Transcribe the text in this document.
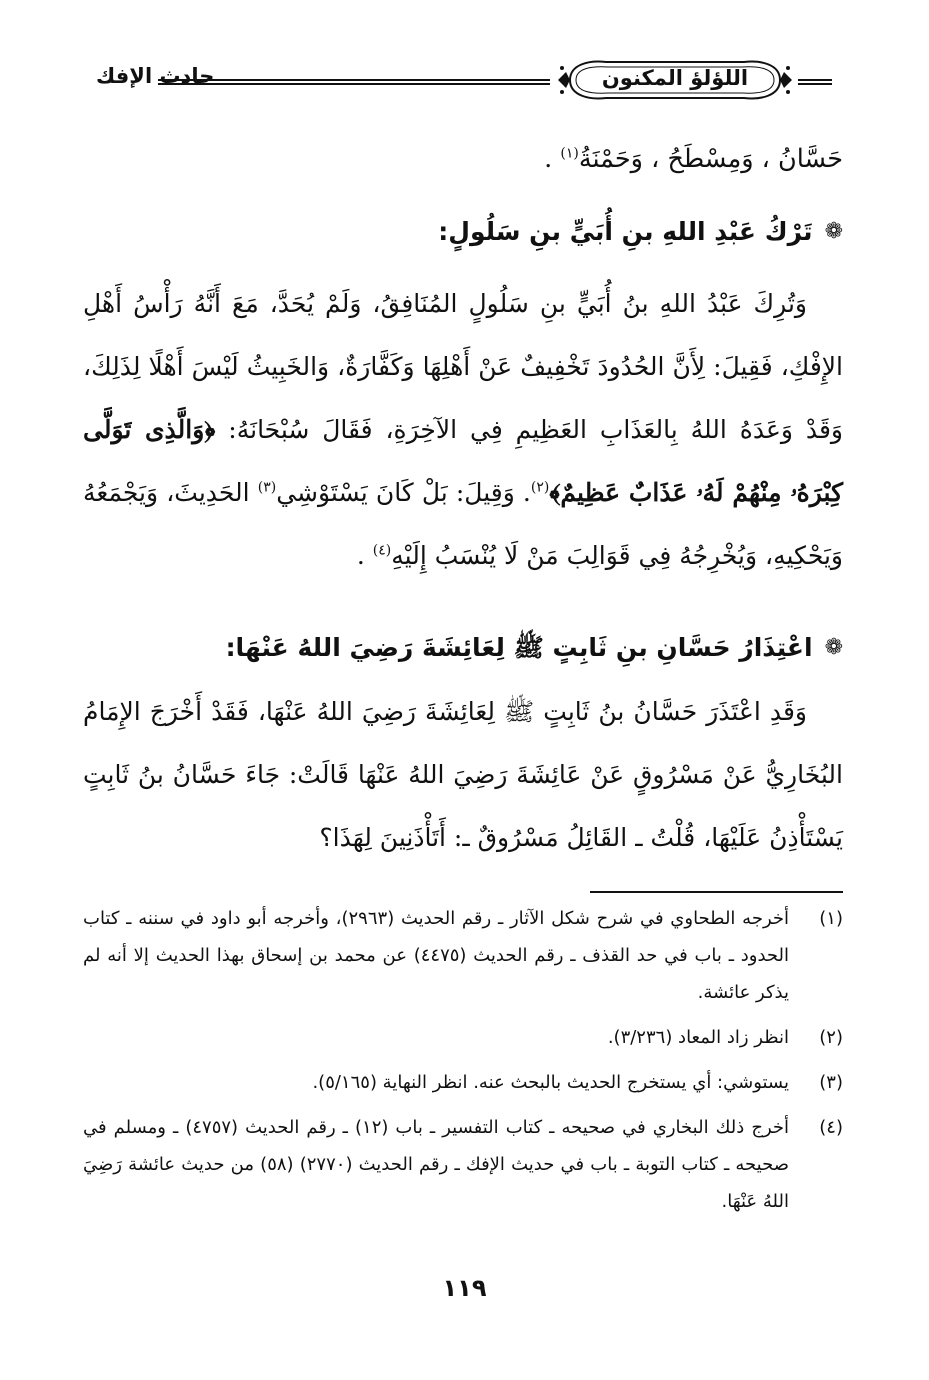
حادث الإفك	اللؤلؤ المكنون
حَسَّانُ ، وَمِسْطَحُ ، وَحَمْنَةُ$^{(١)}$ .
❁
تَرْكُ عَبْدِ اللهِ بنِ أُبَيٍّ بنِ سَلُولٍ:
وَتُرِكَ عَبْدُ اللهِ بنُ أُبَيٍّ بنِ سَلُولٍ المُنَافِقُ، وَلَمْ يُحَدَّ، مَعَ أَنَّهُ رَأْسُ أَهْلِ الإِفْكِ، فَقِيلَ: لِأَنَّ الحُدُودَ تَخْفِيفٌ عَنْ أَهْلِهَا وَكَفَّارَةٌ، وَالخَبِيثُ لَيْسَ أَهْلًا لِذَلِكَ، وَقَدْ وَعَدَهُ اللهُ بِالعَذَابِ العَظِيمِ فِي الآخِرَةِ، فَقَالَ سُبْحَانَهُ: ﴿وَالَّذِى تَوَلَّى كِبْرَهُۥ مِنْهُمْ لَهُۥ عَذَابٌ عَظِيمٌ﴾$^{(٢)}$. وَقِيلَ: بَلْ كَانَ يَسْتَوْشِي$^{(٣)}$ الحَدِيثَ، وَيَجْمَعُهُ وَيَحْكِيهِ، وَيُخْرِجُهُ فِي قَوَالِبَ مَنْ لَا يُنْسَبُ إِلَيْهِ$^{(٤)}$ .
❁
اعْتِذَارُ حَسَّانِ بنِ ثَابِتٍ ﷺ لِعَائِشَةَ رَضِيَ اللهُ عَنْهَا:
وَقَدِ اعْتَذَرَ حَسَّانُ بنُ ثَابِتٍ ﷺ لِعَائِشَةَ رَضِيَ اللهُ عَنْهَا، فَقَدْ أَخْرَجَ الإِمَامُ البُخَارِيُّ عَنْ مَسْرُوقٍ عَنْ عَائِشَةَ رَضِيَ اللهُ عَنْهَا قَالَتْ: جَاءَ حَسَّانُ بنُ ثَابِتٍ يَسْتَأْذِنُ عَلَيْهَا، قُلْتُ ـ القَائِلُ مَسْرُوقٌ ـ: أَتَأْذَنِينَ لِهَذَا؟
(١)
أخرجه الطحاوي في شرح شكل الآثار ـ رقم الحديث (٢٩٦٣)، وأخرجه أبو داود في سننه ـ كتاب الحدود ـ باب في حد القذف ـ رقم الحديث (٤٤٧٥) عن محمد بن إسحاق بهذا الحديث إلا أنه لم يذكر عائشة.
(٢)
انظر زاد المعاد (٣/٢٣٦).
(٣)
يستوشي: أي يستخرج الحديث بالبحث عنه. انظر النهاية (٥/١٦٥).
(٤)
أخرج ذلك البخاري في صحيحه ـ كتاب التفسير ـ باب (١٢) ـ رقم الحديث (٤٧٥٧) ـ ومسلم في صحيحه ـ كتاب التوبة ـ باب في حديث الإفك ـ رقم الحديث (٢٧٧٠) (٥٨) من حديث عائشة رَضِيَ اللهُ عَنْهَا.
١١٩
